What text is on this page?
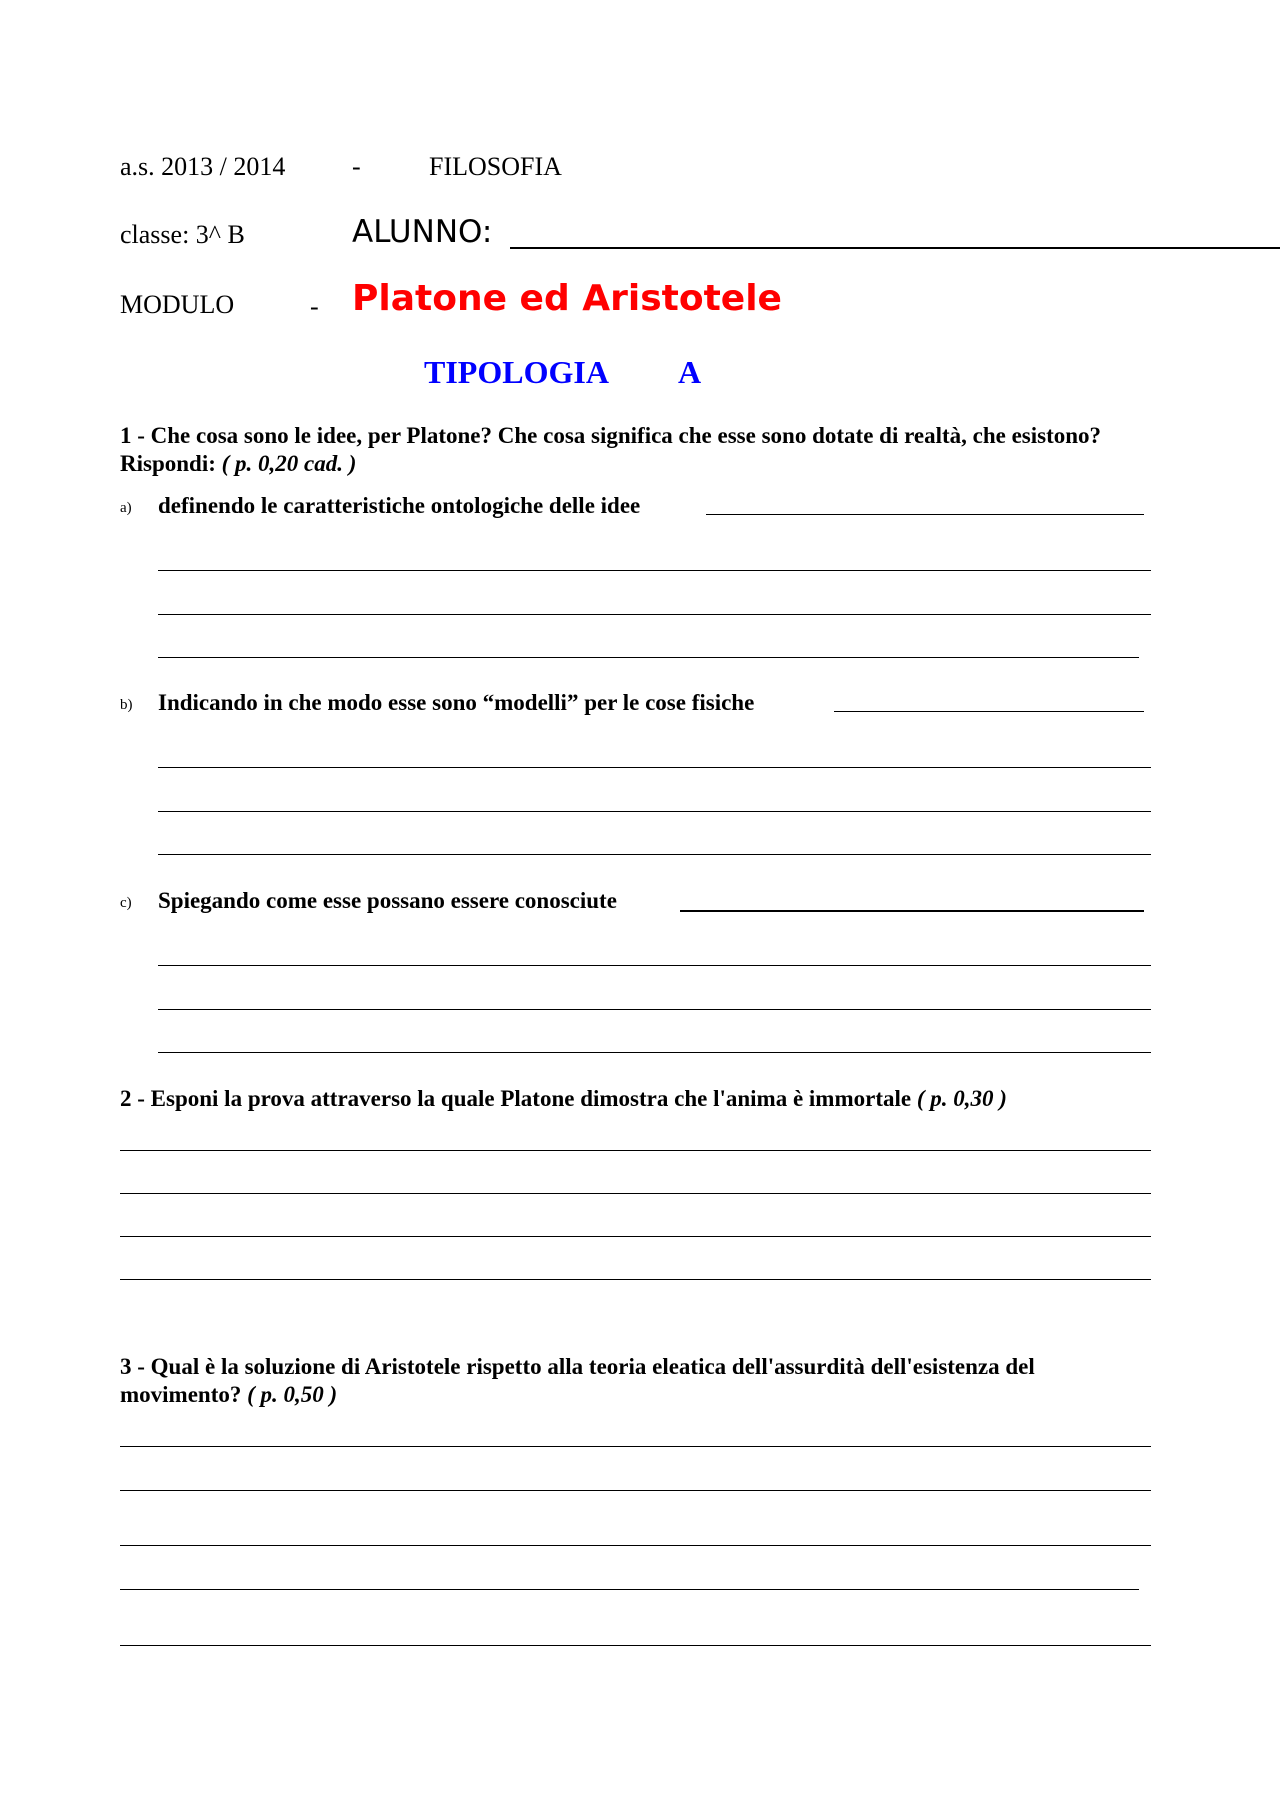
a.s. 2013 / 2014	-	FILOSOFIA
classe: 3^ B	ALUNNO:
MODULO	- Platone ed Aristotele
TIPOLOGIA A
1 - Che cosa sono le idee, per Platone? Che cosa significa che esse sono dotate di realtà, che esistono? Rispondi: ( p. 0,20 cad. )
a) definendo le caratteristiche ontologiche delle idee
b) Indicando in che modo esse sono “modelli” per le cose fisiche
c) Spiegando come esse possano essere conosciute
2 - Esponi la prova attraverso la quale Platone dimostra che l'anima è immortale ( p. 0,30 )
3 - Qual è la soluzione di Aristotele rispetto alla teoria eleatica dell'assurdità dell'esistenza del movimento? ( p. 0,50 )
